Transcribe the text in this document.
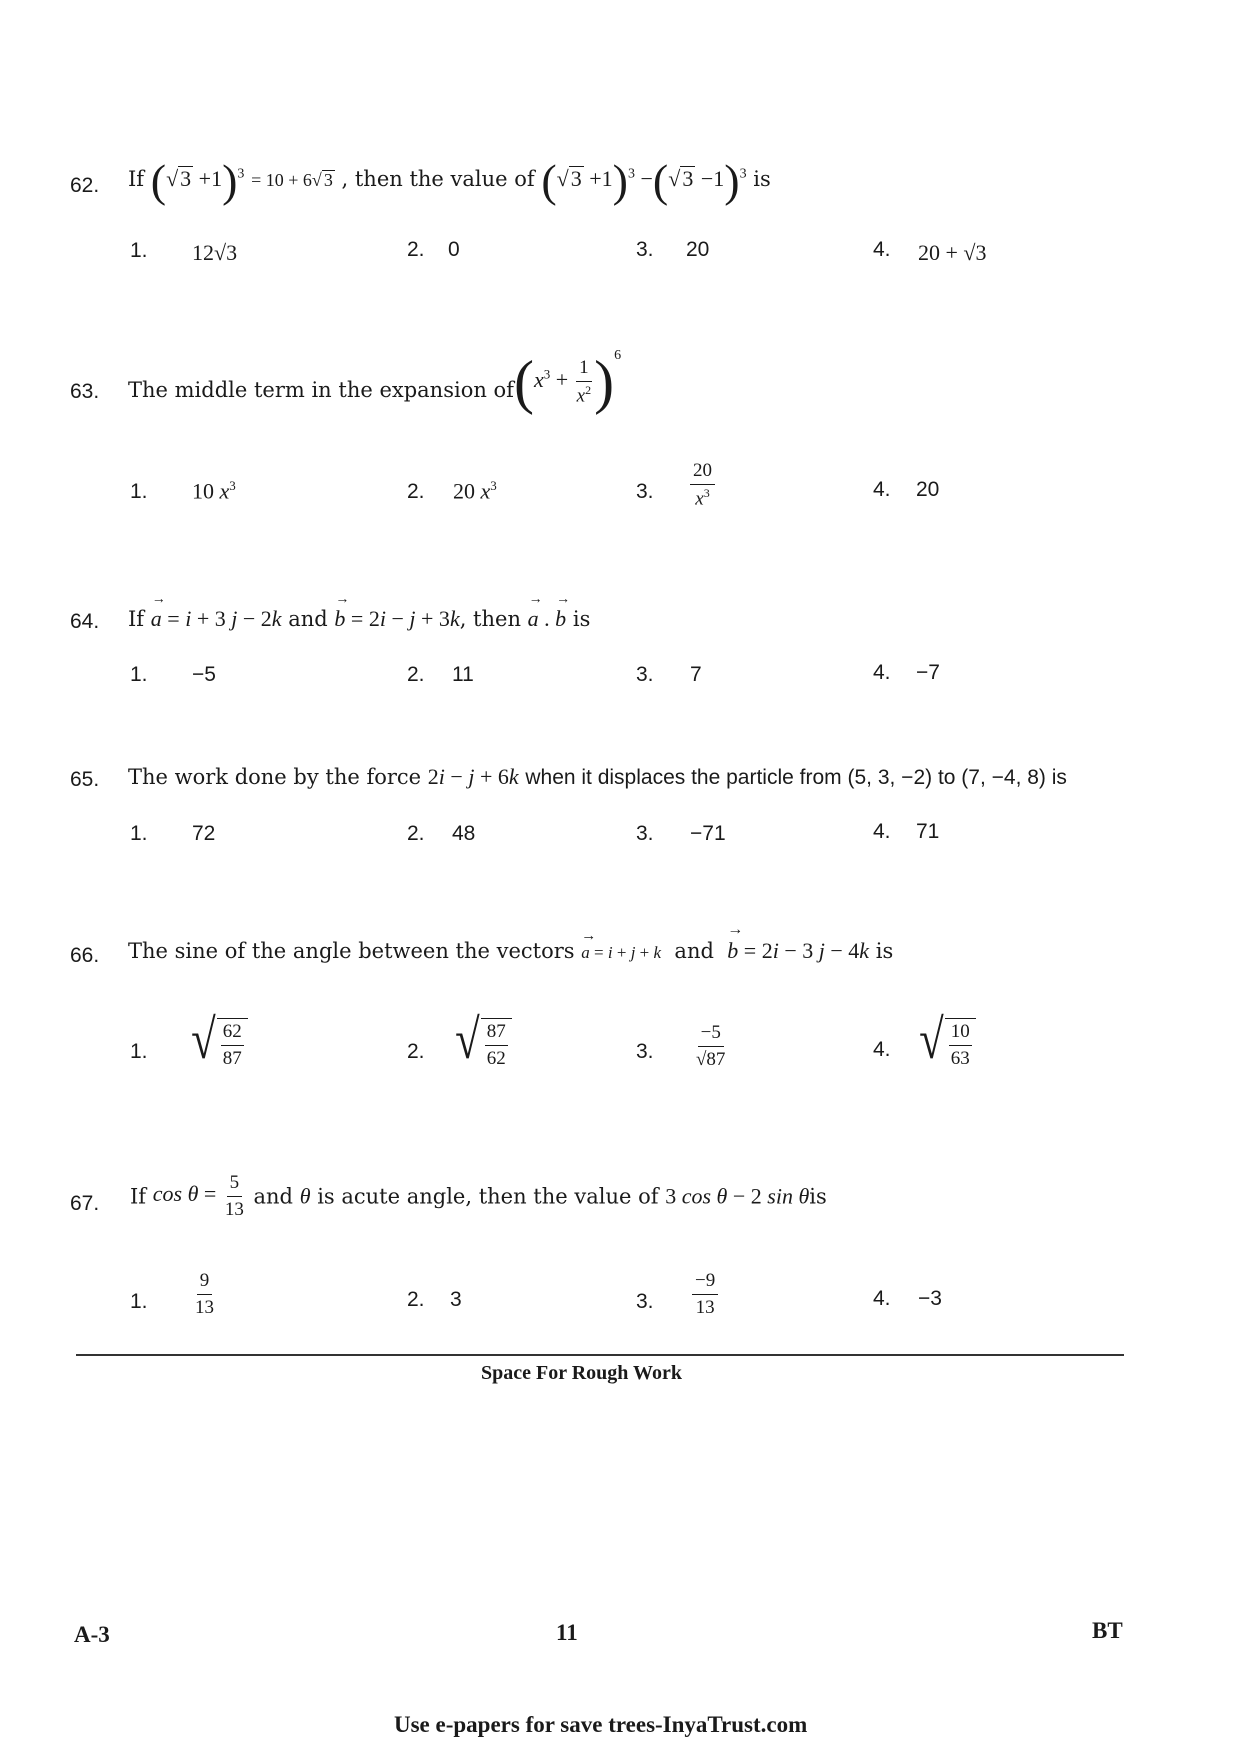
62. If $(√3 +1)^3 = 10 + 6√$ 3 , then the value of $(√3 +1)^3 -(√3 -1)^3$ is
1. 12√3	2. 0	3. 20	4. 20 + √3
63. The middle term in the expansion of $(x^3 + \frac{1}{x^2} )^6$
1. 10 $x^3$	2. 20 $x^3$	3. $\frac{20}{x^3}$	4. 20
64. If a
→
= i + 3 j − 2k and b
→
= 2i − j + 3k, then a
→
. b
→
is
1. −5	2. 11	3. 7	4. −7
65. The work done by the force 2i − j + 6k when it displaces the particle from (5, 3, −2) to (7, −4, 8) is
1. 72	2. 48	3. −71	4. 71
66. The sine of the angle between the vectors a
→
= i + j + k and b
→
= 2i − 3 j − 4k is
1. √ $\frac{62}{87}$	2. √ $\frac{87}{62}$	3. $\frac{-5}{√87}$	4. √ $\frac{10}{63}$
67. If $\cos \theta = \frac{5}{13}$ and θ is acute angle, then the value of 3 cos θ − 2 sin θis
1. $\frac{9}{13}$	2. 3	3. $\frac{-9}{13}$	4. −3
Space For Rough Work
A-3	11	BT
Use e-papers for save trees-InyaTrust.com
